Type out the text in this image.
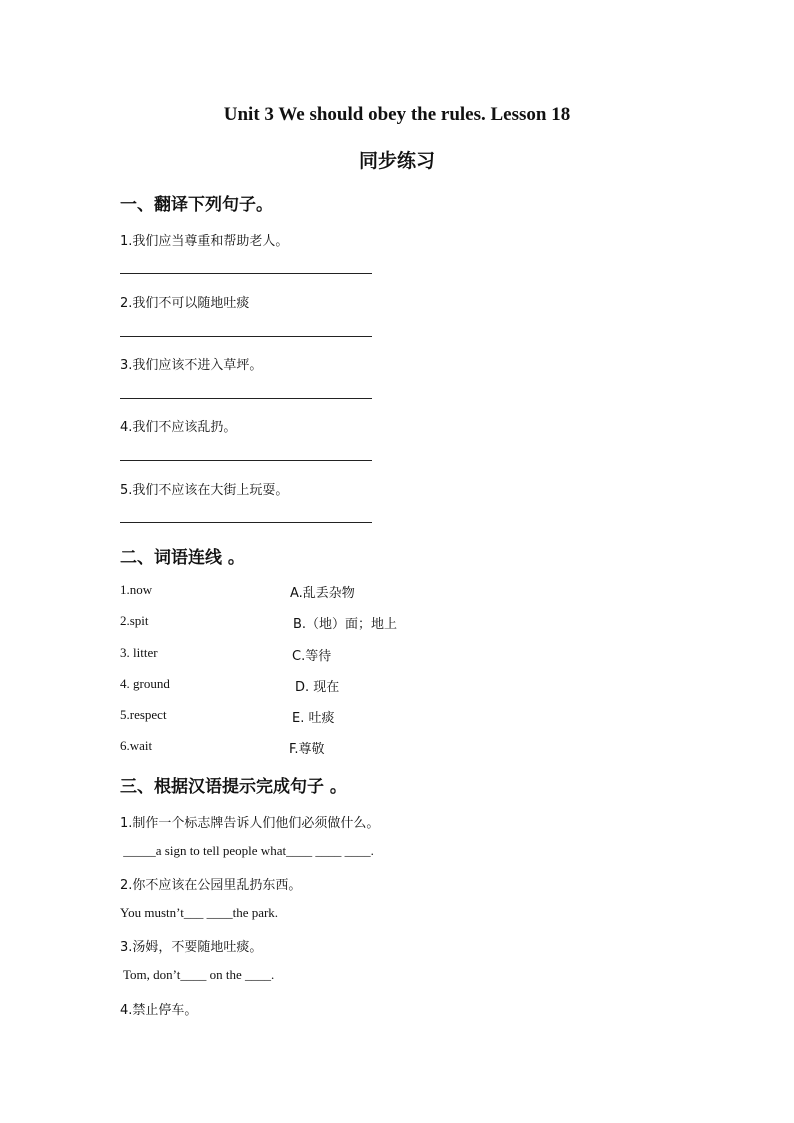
Unit 3 We should obey the rules. Lesson 18
同步练习
一、翻译下列句子。
1.我们应当尊重和帮助老人。
2.我们不可以随地吐痰
3.我们应该不进入草坪。
4.我们不应该乱扔。
5.我们不应该在大街上玩耍。
二、词语连线 。
1.now	A.乱丢杂物
2.spit	B.（地）面；地上
3. litter	C.等待
4. ground	D. 现在
5.respect	E. 吐痰
6.wait	F.尊敬
三、根据汉语提示完成句子 。
1.制作一个标志牌告诉人们他们必须做什么。
_____a sign to tell people what____ ____ ____.
2.你不应该在公园里乱扔东西。
You mustn’t___ ____the park.
3.汤姆，不要随地吐痰。
Tom, don’t____ on the ____.
4.禁止停车。
